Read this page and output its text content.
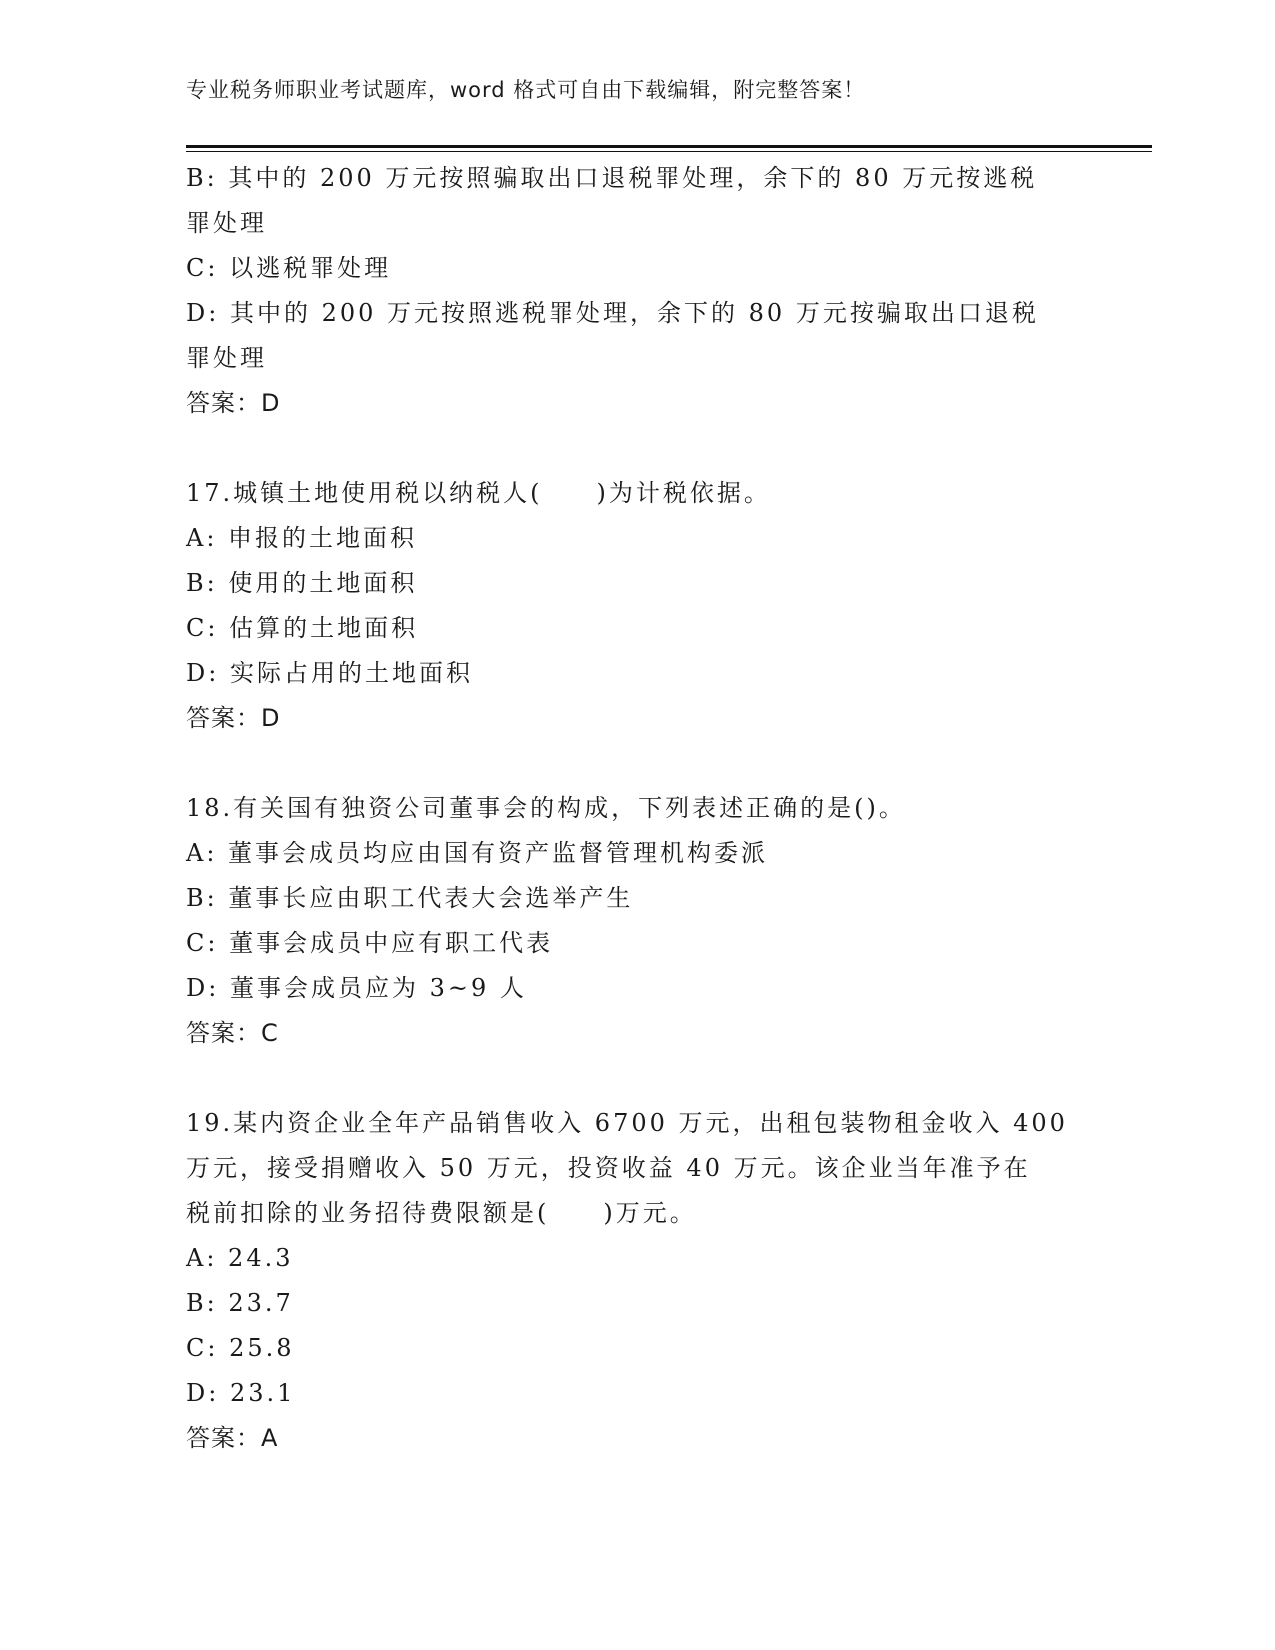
专业税务师职业考试题库，word 格式可自由下载编辑，附完整答案！
B: 其中的 200 万元按照骗取出口退税罪处理，余下的 80 万元按逃税
罪处理
C: 以逃税罪处理
D: 其中的 200 万元按照逃税罪处理，余下的 80 万元按骗取出口退税
罪处理
答案：D
17.城镇土地使用税以纳税人(　　)为计税依据。
A: 申报的土地面积
B: 使用的土地面积
C: 估算的土地面积
D: 实际占用的土地面积
答案：D
18.有关国有独资公司董事会的构成，下列表述正确的是()。
A: 董事会成员均应由国有资产监督管理机构委派
B: 董事长应由职工代表大会选举产生
C: 董事会成员中应有职工代表
D: 董事会成员应为 3~9 人
答案：C
19.某内资企业全年产品销售收入 6700 万元，出租包装物租金收入 400
万元，接受捐赠收入 50 万元，投资收益 40 万元。该企业当年准予在
税前扣除的业务招待费限额是(　　)万元。
A: 24.3
B: 23.7
C: 25.8
D: 23.1
答案：A
